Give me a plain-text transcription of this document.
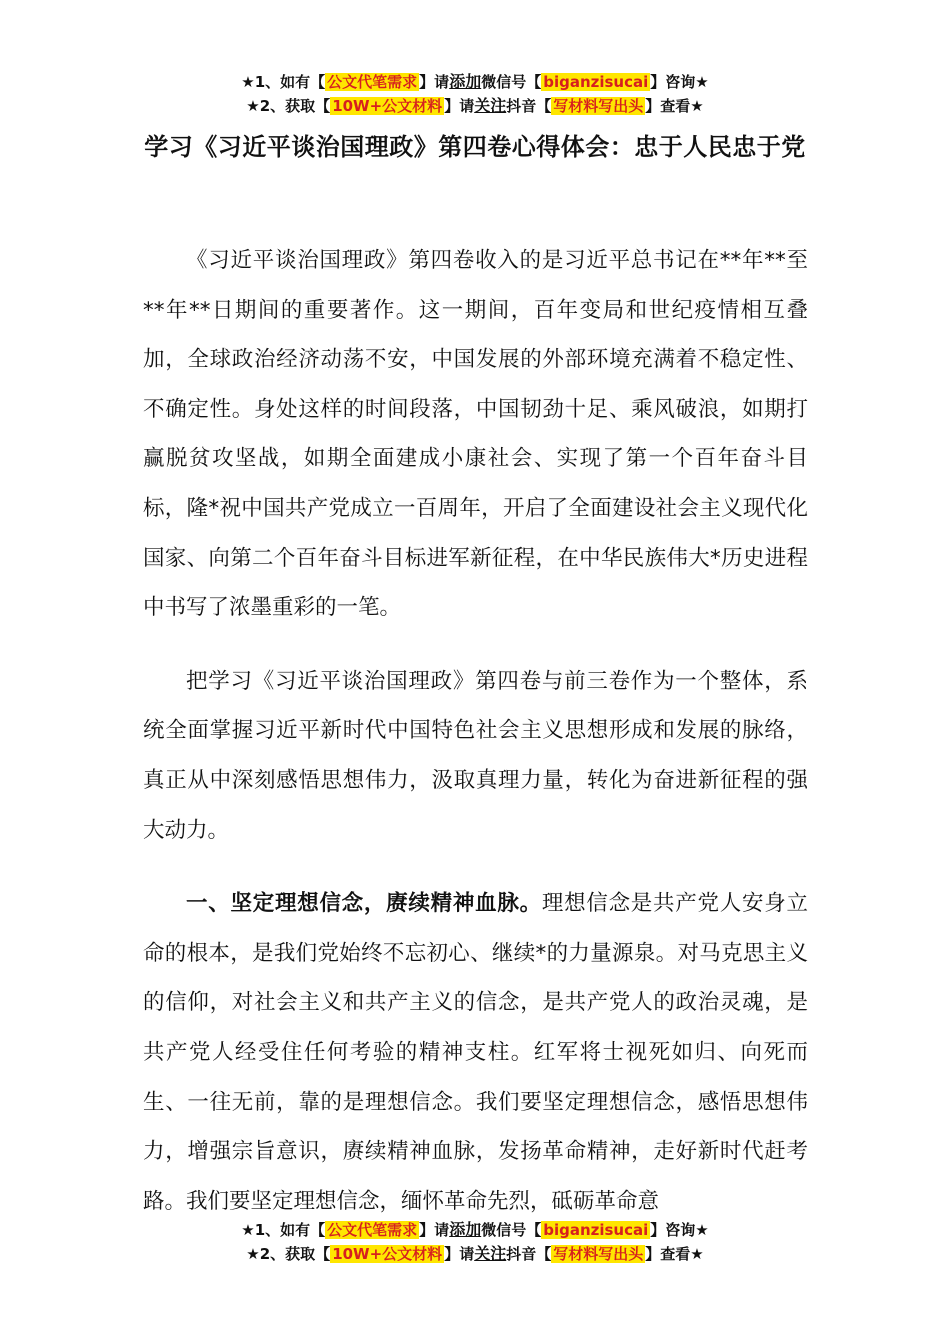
★1、如有【 公文代笔需求 】请添加微信号【 biganzisucai 】咨询★
★2、获取【 10W+公文材料 】请关注抖音【 写材料写出头 】查看★
学习《习近平谈治国理政》第四卷心得体会：忠于人民忠于党

《习近平谈治国理政》第四卷收入的是习近平总书记在**年**至**年**日期间的重要著作。这一期间，百年变局和世纪疫情相互叠加，全球政治经济动荡不安，中国发展的外部环境充满着不稳定性、不确定性。身处这样的时间段落，中国韧劲十足、乘风破浪，如期打赢脱贫攻坚战，如期全面建成小康社会、实现了第一个百年奋斗目标，隆*祝中国共产党成立一百周年，开启了全面建设社会主义现代化国家、向第二个百年奋斗目标进军新征程，在中华民族伟大*历史进程中书写了浓墨重彩的一笔。

把学习《习近平谈治国理政》第四卷与前三卷作为一个整体，系统全面掌握习近平新时代中国特色社会主义思想形成和发展的脉络，真正从中深刻感悟思想伟力，汲取真理力量，转化为奋进新征程的强大动力。

一、坚定理想信念，赓续精神血脉。理想信念是共产党人安身立命的根本，是我们党始终不忘初心、继续*的力量源泉。对马克思主义的信仰，对社会主义和共产主义的信念，是共产党人的政治灵魂，是共产党人经受住任何考验的精神支柱。红军将士视死如归、向死而生、一往无前，靠的是理想信念。我们要坚定理想信念，感悟思想伟力，增强宗旨意识，赓续精神血脉，发扬革命精神，走好新时代赶考路。我们要坚定理想信念，缅怀革命先烈，砥砺革命意

★1、如有【 公文代笔需求 】请添加微信号【 biganzisucai 】咨询★
★2、获取【 10W+公文材料 】请关注抖音【 写材料写出头 】查看★
